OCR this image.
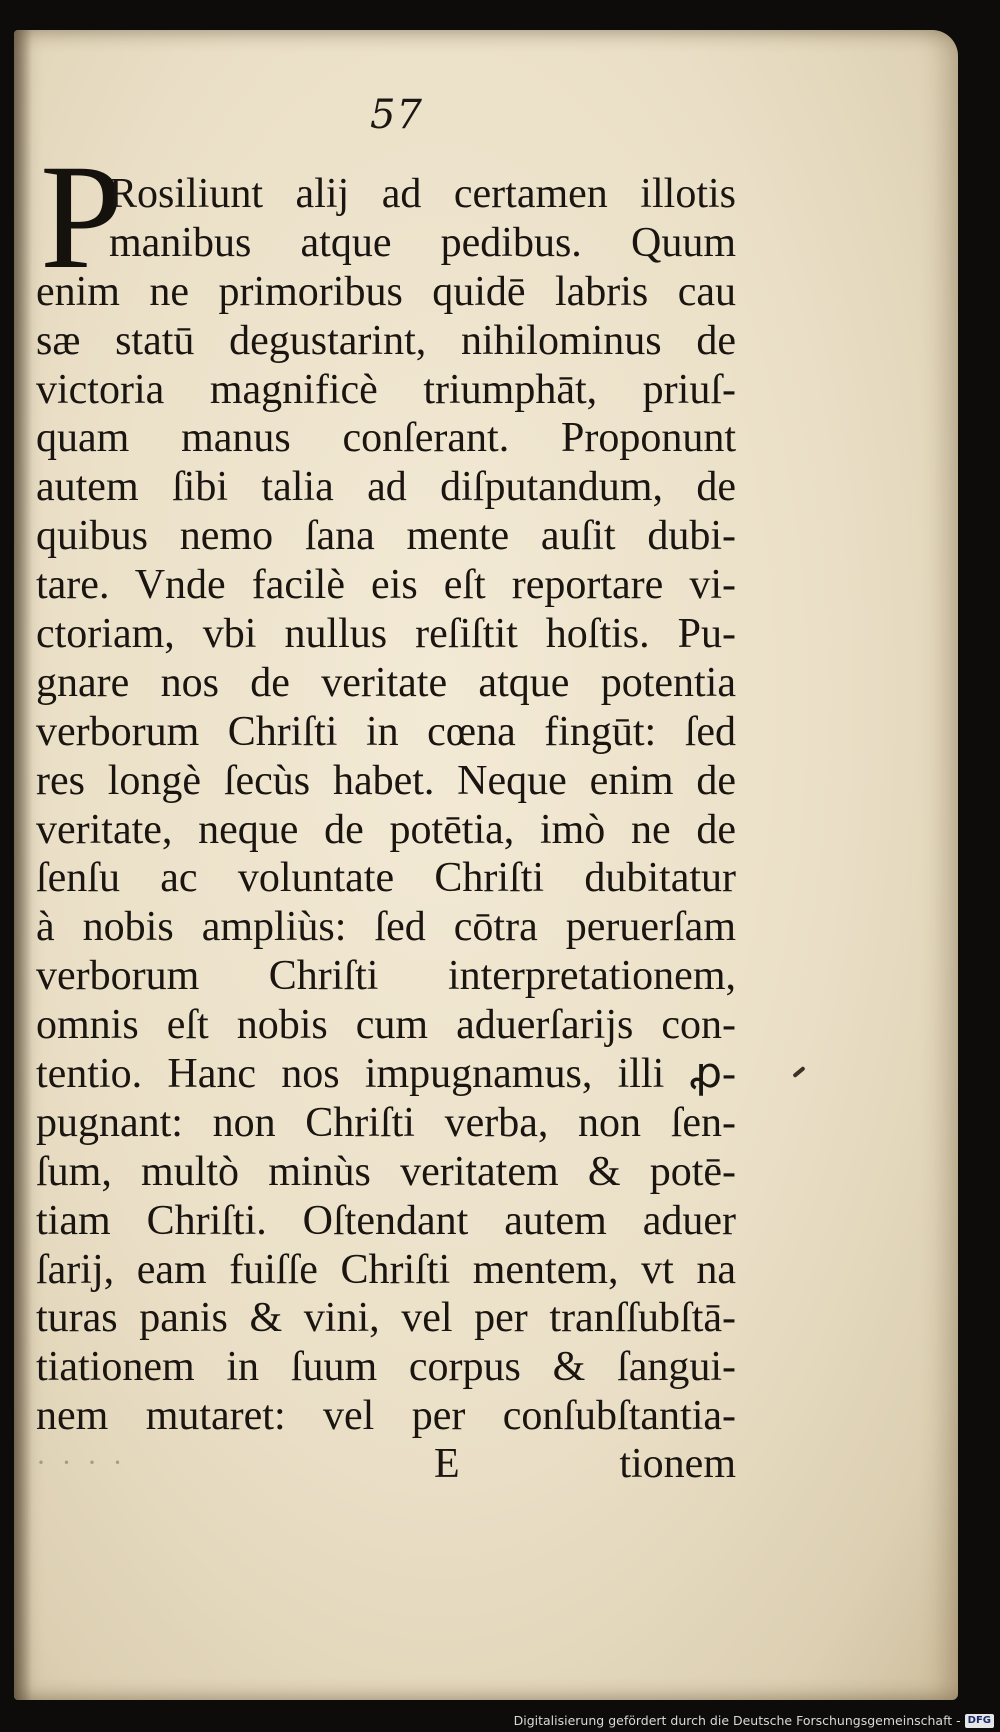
57
P
Rosiliunt alij ad certamen illotis
manibus atque pedibus. Quum
enim ne primoribus quidē labris cau
sæ statū degustarint, nihilominus de
victoria magnificè triumphāt, priuſ-
quam manus conſerant. Proponunt
autem ſibi talia ad diſputandum, de
quibus nemo ſana mente auſit dubi-
tare. Vnde facilè eis eſt reportare vi-
ctoriam, vbi nullus reſiſtit hoſtis. Pu-
gnare nos de veritate atque potentia
verborum Chriſti in cœna fingūt: ſed
res longè ſecùs habet. Neque enim de
veritate, neque de potētia, imò ne de
ſenſu ac voluntate Chriſti dubitatur
à nobis ampliùs: ſed cōtra peruerſam
verborum Chriſti interpretationem,
omnis eſt nobis cum aduerſarijs con-
tentio. Hanc nos impugnamus, illi ꝓ-
pugnant: non Chriſti verba, non ſen-
ſum, multò minùs veritatem & potē-
tiam Chriſti. Oſtendant autem aduer
ſarij, eam fuiſſe Chriſti mentem, vt na
turas panis & vini, vel per tranſſubſtā-
tiationem in ſuum corpus & ſangui-
nem mutaret: vel per conſubſtantia-
· · · ·	E	tionem
Digitalisierung gefördert durch die Deutsche Forschungsgemeinschaft - DFG
